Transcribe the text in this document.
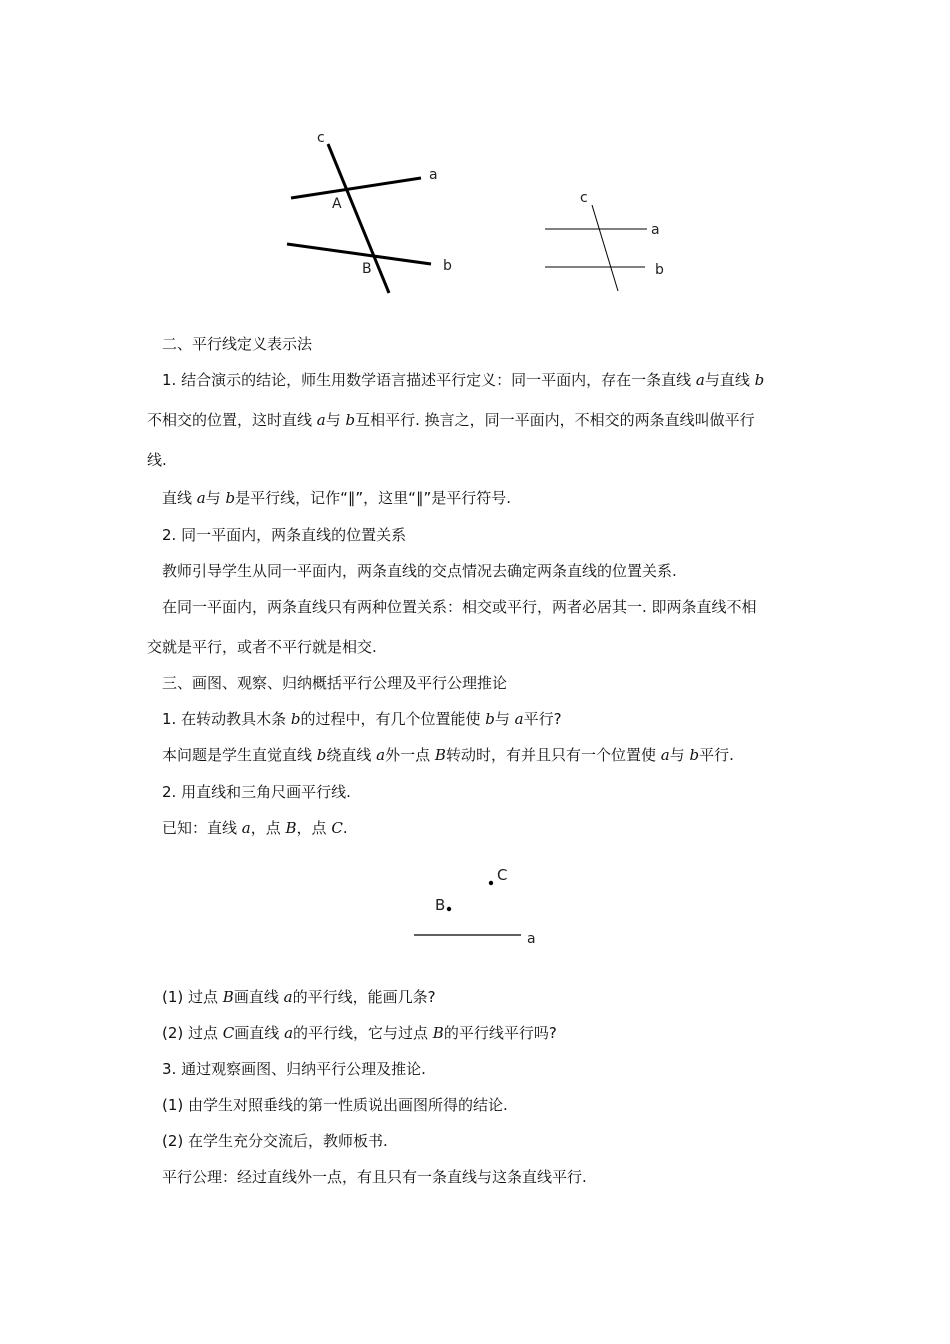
c
a
b
A
B
c
a
b

二、平行线定义表示法

1. 结合演示的结论，师生用数学语言描述平行定义：同一平面内，存在一条直线 a与直线 b

不相交的位置，这时直线 a与 b互相平行. 换言之，同一平面内，不相交的两条直线叫做平行

线.

直线 a与 b是平行线，记作“∥”，这里“∥”是平行符号.

2. 同一平面内，两条直线的位置关系

教师引导学生从同一平面内，两条直线的交点情况去确定两条直线的位置关系.

在同一平面内，两条直线只有两种位置关系：相交或平行，两者必居其一. 即两条直线不相

交就是平行，或者不平行就是相交.

三、画图、观察、归纳概括平行公理及平行公理推论

1. 在转动教具木条 b的过程中，有几个位置能使 b与 a平行?

本问题是学生直觉直线 b绕直线 a外一点 B转动时，有并且只有一个位置使 a与 b平行.

2. 用直线和三角尺画平行线.

已知：直线 a，点 B，点 C.

C
B
a

(1) 过点 B画直线 a的平行线，能画几条?

(2) 过点 C画直线 a的平行线，它与过点 B的平行线平行吗?

3. 通过观察画图、归纳平行公理及推论.

(1) 由学生对照垂线的第一性质说出画图所得的结论.

(2) 在学生充分交流后，教师板书.

平行公理：经过直线外一点，有且只有一条直线与这条直线平行.
